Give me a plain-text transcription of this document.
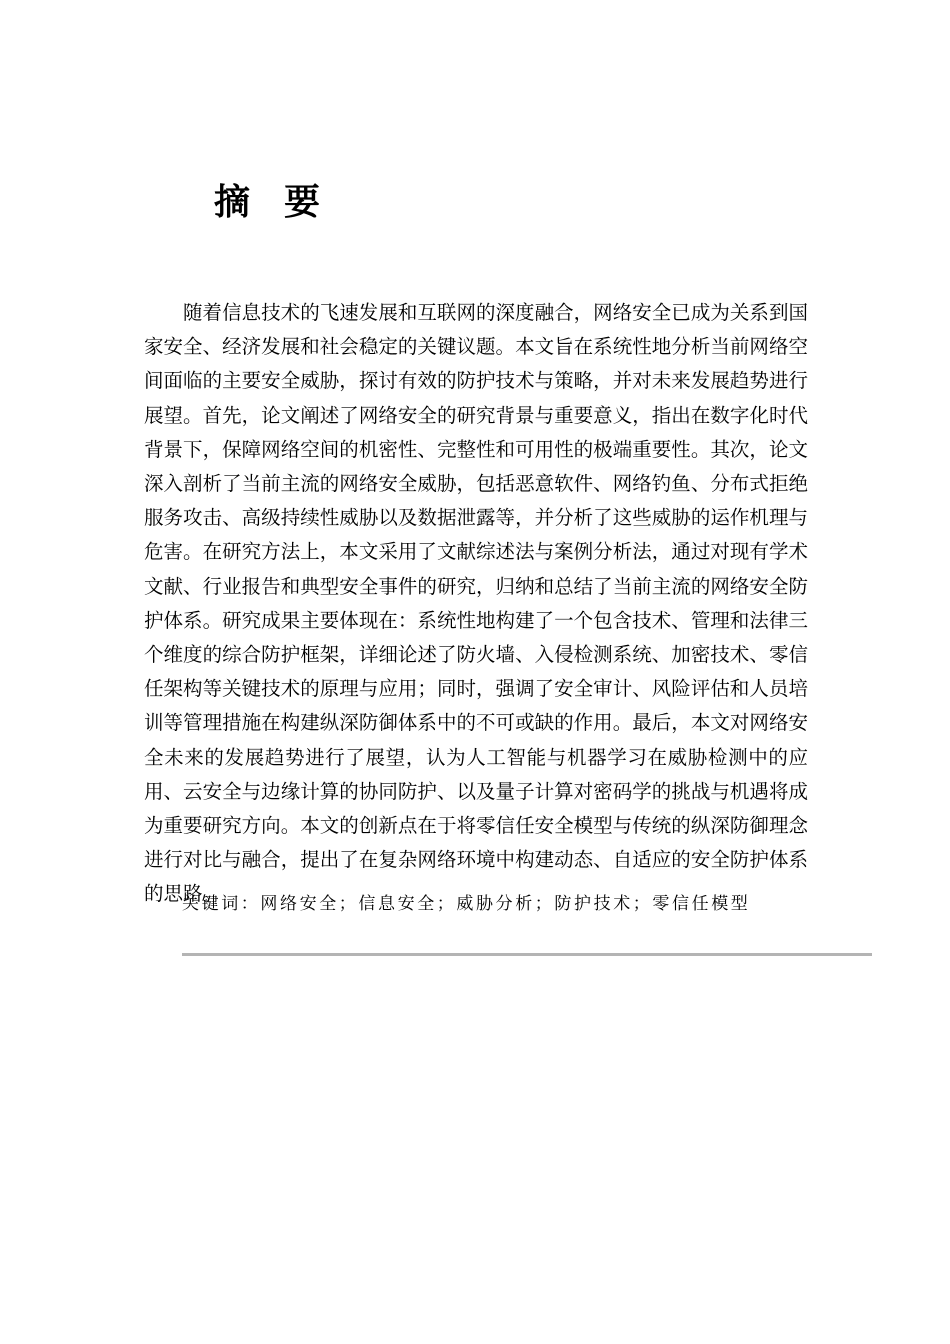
摘要

随着信息技术的飞速发展和互联网的深度融合，网络安全已成为关系到国家安全、经济发展和社会稳定的关键议题。本文旨在系统性地分析当前网络空间面临的主要安全威胁，探讨有效的防护技术与策略，并对未来发展趋势进行展望。首先，论文阐述了网络安全的研究背景与重要意义，指出在数字化时代背景下，保障网络空间的机密性、完整性和可用性的极端重要性。其次，论文深入剖析了当前主流的网络安全威胁，包括恶意软件、网络钓鱼、分布式拒绝服务攻击、高级持续性威胁以及数据泄露等，并分析了这些威胁的运作机理与危害。在研究方法上，本文采用了文献综述法与案例分析法，通过对现有学术文献、行业报告和典型安全事件的研究，归纳和总结了当前主流的网络安全防护体系。研究成果主要体现在：系统性地构建了一个包含技术、管理和法律三个维度的综合防护框架，详细论述了防火墙、入侵检测系统、加密技术、零信任架构等关键技术的原理与应用；同时，强调了安全审计、风险评估和人员培训等管理措施在构建纵深防御体系中的不可或缺的作用。最后，本文对网络安全未来的发展趋势进行了展望，认为人工智能与机器学习在威胁检测中的应用、云安全与边缘计算的协同防护、以及量子计算对密码学的挑战与机遇将成为重要研究方向。本文的创新点在于将零信任安全模型与传统的纵深防御理念进行对比与融合，提出了在复杂网络环境中构建动态、自适应的安全防护体系的思路。

关键词：网络安全；信息安全；威胁分析；防护技术；零信任模型
